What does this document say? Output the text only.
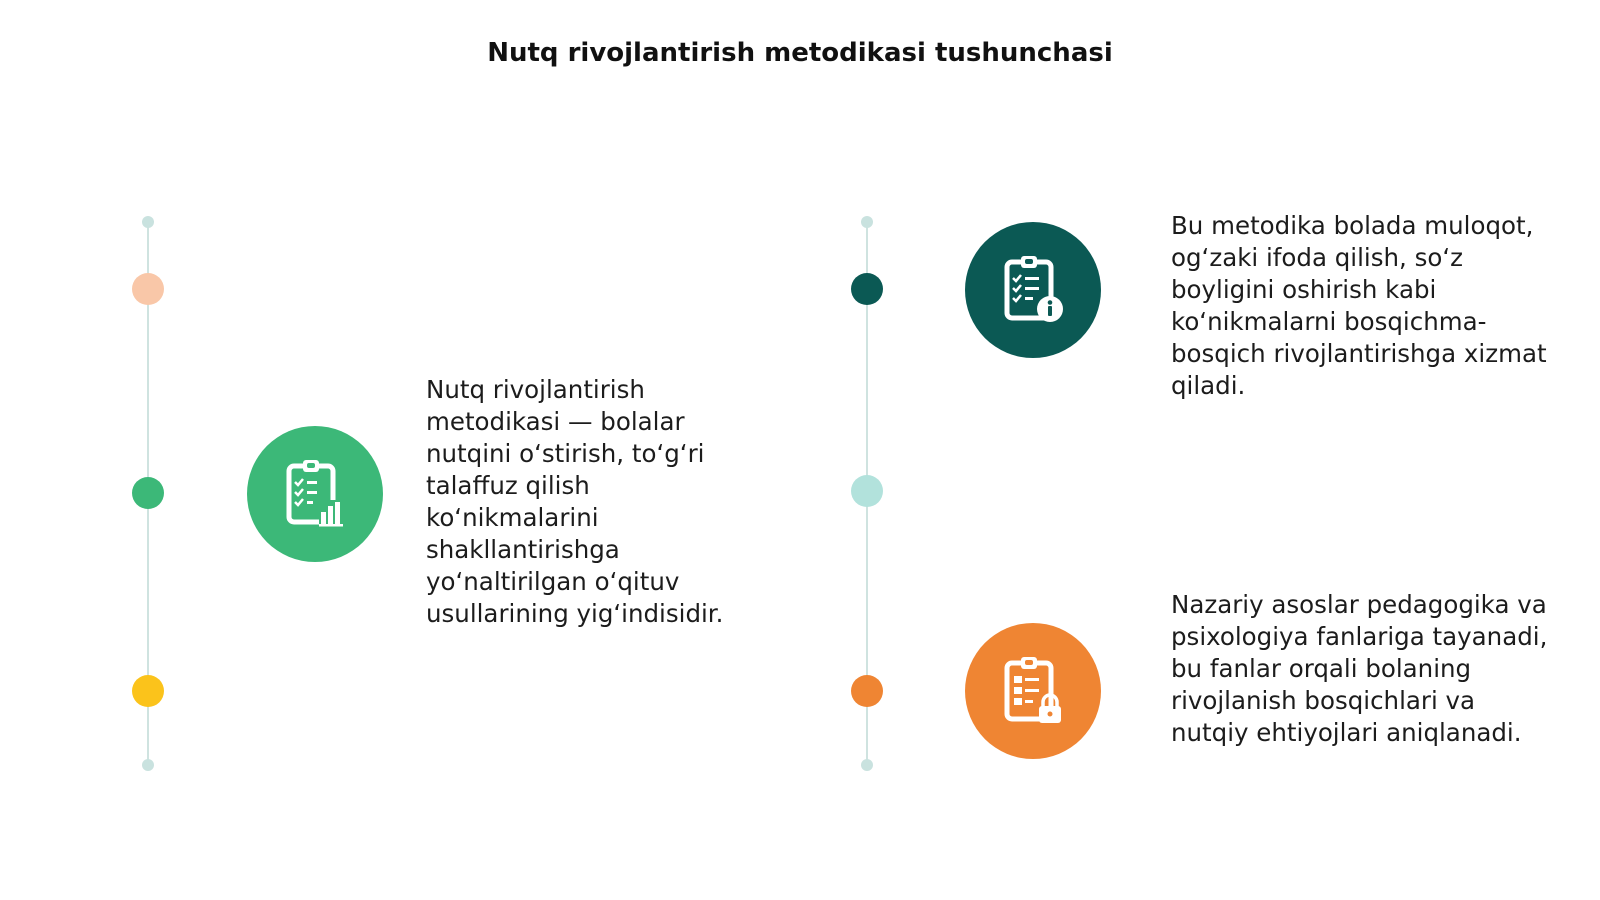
Nutq rivojlantirish metodikasi tushunchasi

Nutq rivojlantirish metodikasi — bolalar nutqini o‘stirish, to‘g‘ri talaffuz qilish ko‘nikmalarini shakllantirishga yo‘naltirilgan o‘qituv usullarining yig‘indisidir.

Bu metodika bolada muloqot, og‘zaki ifoda qilish, so‘z boyligini oshirish kabi ko‘nikmalarni bosqichma-bosqich rivojlantirishga xizmat qiladi.

Nazariy asoslar pedagogika va psixologiya fanlariga tayanadi, bu fanlar orqali bolaning rivojlanish bosqichlari va nutqiy ehtiyojlari aniqlanadi.
